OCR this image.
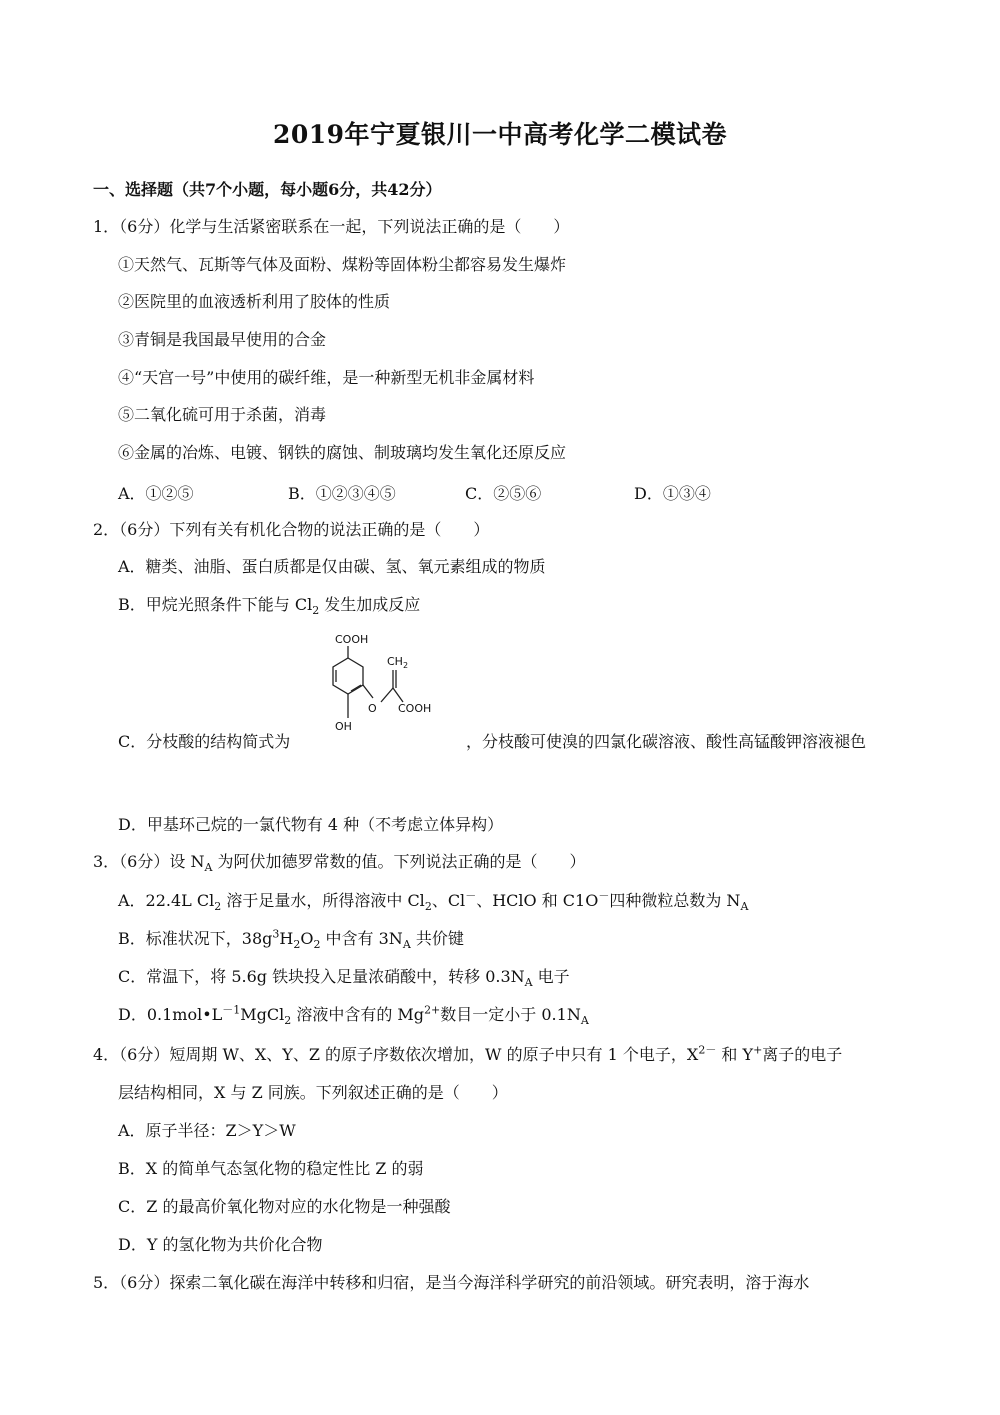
2019年宁夏银川一中高考化学二模试卷
一、选择题（共7个小题，每小题6分，共42分）
1．（6分）化学与生活紧密联系在一起，下列说法正确的是（　　）
①天然气、瓦斯等气体及面粉、煤粉等固体粉尘都容易发生爆炸
②医院里的血液透析利用了胶体的性质
③青铜是我国最早使用的合金
④“天宫一号”中使用的碳纤维，是一种新型无机非金属材料
⑤二氧化硫可用于杀菌，消毒
⑥金属的冶炼、电镀、钢铁的腐蚀、制玻璃均发生氧化还原反应
A．①②⑤	B．①②③④⑤	C．②⑤⑥	D．①③④
2．（6分）下列有关有机化合物的说法正确的是（　　）
A．糖类、油脂、蛋白质都是仅由碳、氢、氧元素组成的物质
B．甲烷光照条件下能与 $Cl_2$ 发生加成反应
C．分枝酸的结构简式为
COOH
OH
O
$CH_2$
COOH
，分枝酸可使溴的四氯化碳溶液、酸性高锰酸钾溶液褪色
D．甲基环己烷的一氯代物有 4 种（不考虑立体异构）
3．（6分）设 $N_A$ 为阿伏加德罗常数的值。下列说法正确的是（　　）
A．22.4L $Cl_2$ 溶于足量水，所得溶液中 $Cl_2$、Cl－、HClO 和 C1O－四种微粒总数为 $N_A$
B．标准状况下，$38g^3H_2O_2$ 中含有 $3N_A$ 共价键
C．常温下，将 5.6g 铁块投入足量浓硝酸中，转移 $0.3N_A$ 电子
D．$0.1mol•L^{-1}MgCl_2$ 溶液中含有的 $Mg^{2+}$数目一定小于 $0.1N_A$
4．（6分）短周期 W、X、Y、Z 的原子序数依次增加，W 的原子中只有 1 个电子，$X^{2-}$ 和 Y+离子的电子
层结构相同，X 与 Z 同族。下列叙述正确的是（　　）
A．原子半径：Z＞Y＞W
B．X 的简单气态氢化物的稳定性比 Z 的弱
C．Z 的最高价氧化物对应的水化物是一种强酸
D．Y 的氢化物为共价化合物
5．（6分）探索二氧化碳在海洋中转移和归宿，是当今海洋科学研究的前沿领域。研究表明，溶于海水
